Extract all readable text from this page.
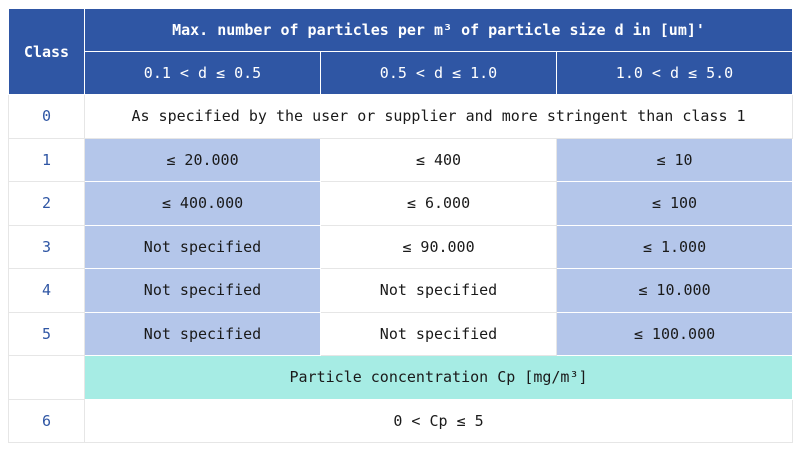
Class	Max. number of particles per m³ of particle size d in [um]'		
	0.1 < d ≤ 0.5	0.5 < d ≤ 1.0	1.0 < d ≤ 5.0
0	As specified by the user or supplier and more stringent than class 1		
1	≤ 20.000	≤ 400	≤ 10
2	≤ 400.000	≤ 6.000	≤ 100
3	Not specified	≤ 90.000	≤ 1.000
4	Not specified	Not specified	≤ 10.000
5	Not specified	Not specified	≤ 100.000
	Particle concentration Cp [mg/m³]		
6	0 < Cp ≤ 5		
